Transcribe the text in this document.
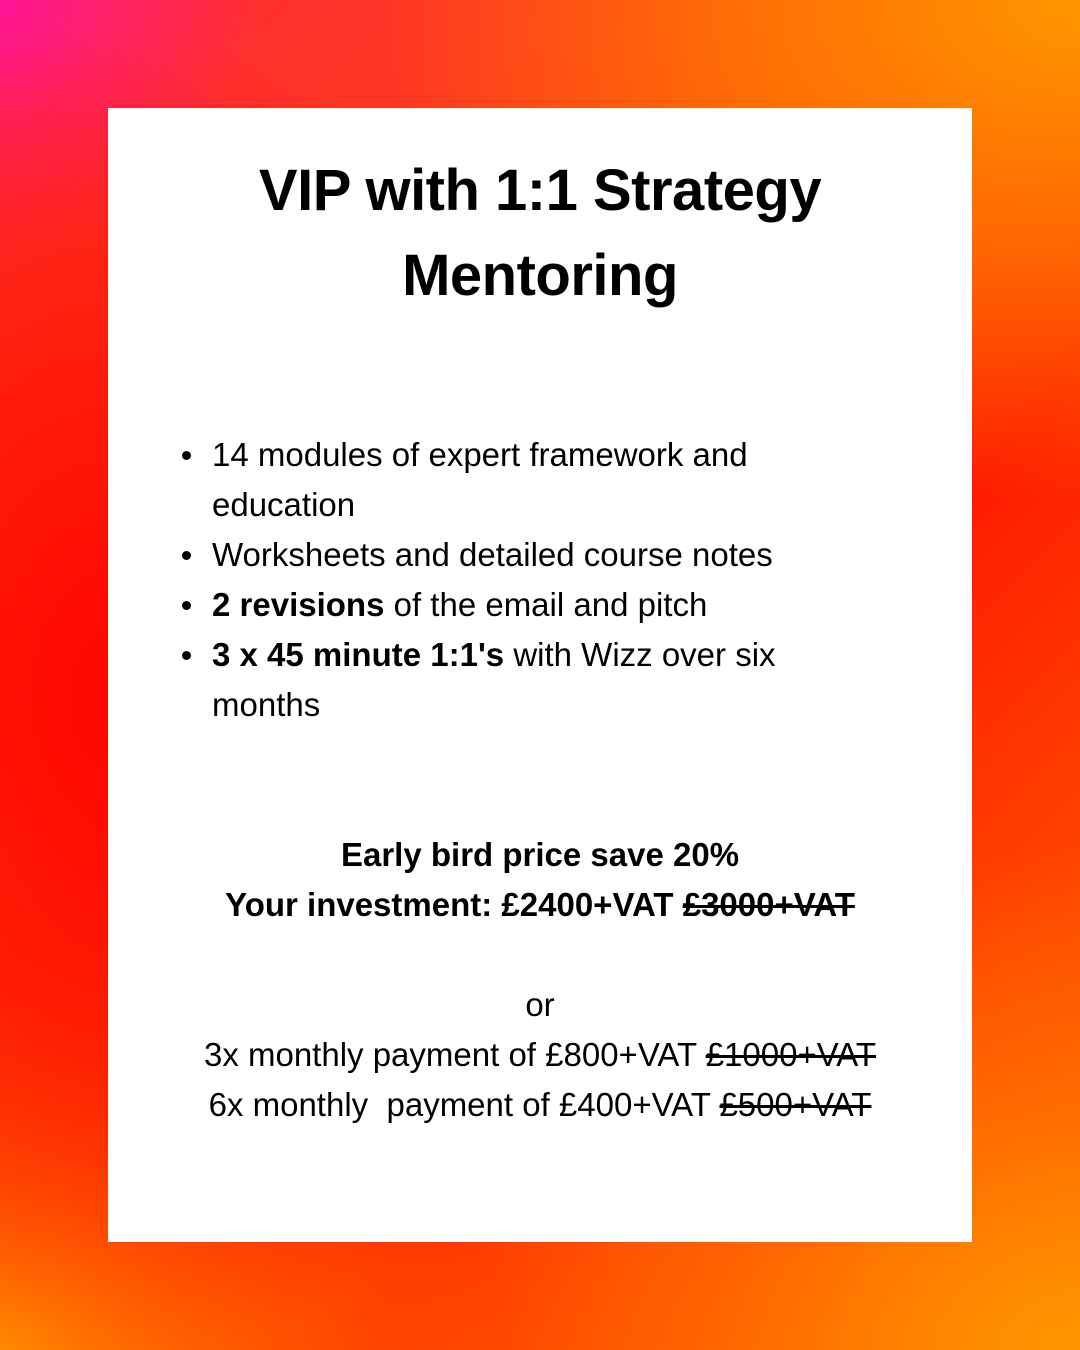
VIP with 1:1 Strategy
Mentoring
14 modules of expert framework and education
Worksheets and detailed course notes
2 revisions of the email and pitch
3 x 45 minute 1:1's with Wizz over six months
Early bird price save 20%
Your investment: £2400+VAT £3000+VAT
or
3x monthly payment of £800+VAT £1000+VAT
6x monthly  payment of £400+VAT £500+VAT
